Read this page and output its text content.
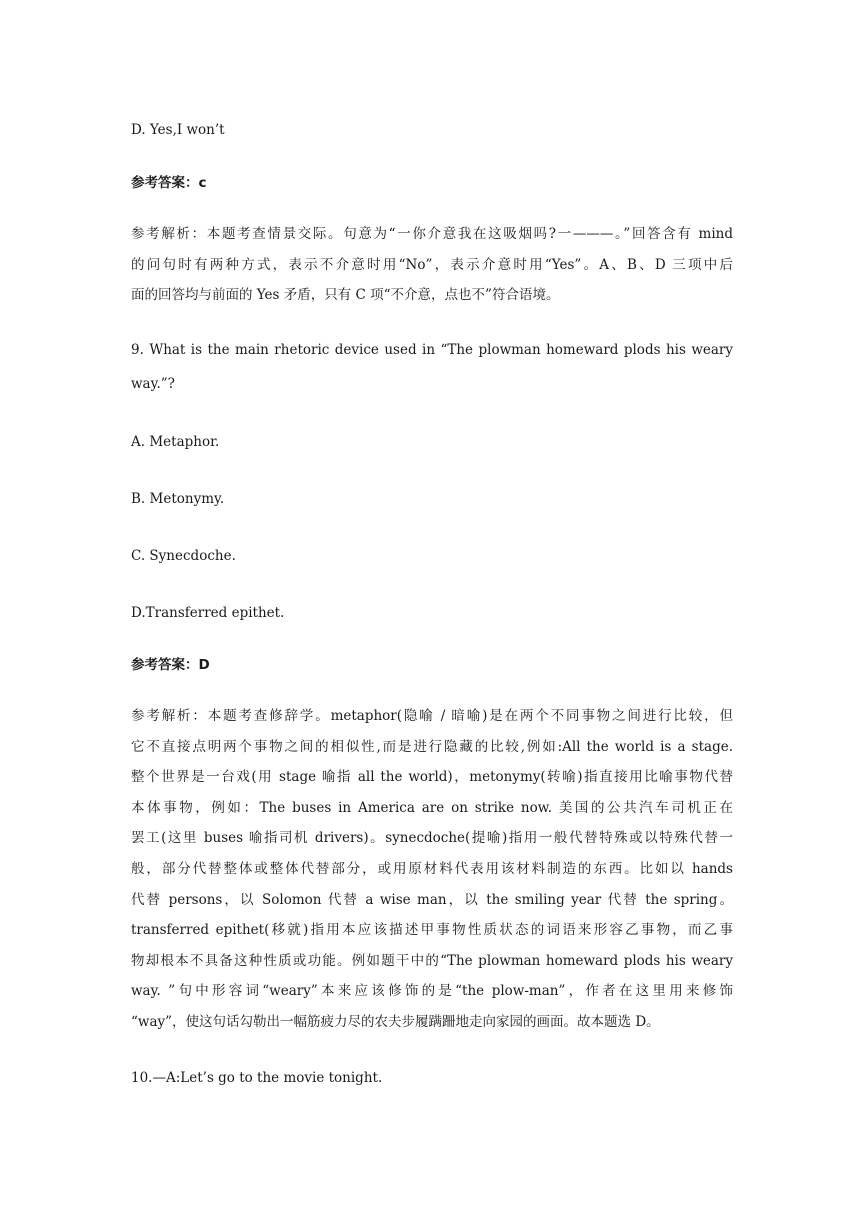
D. Yes,I won’t
参考答案：c
参考解析：本题考查情景交际。句意为“一你介意我在这吸烟吗?一———。”回答含有 mind
的问句时有两种方式，表示不介意时用“No”，表示介意时用“Yes”。A、B、D 三项中后
面的回答均与前面的 Yes 矛盾，只有 C 项“不介意，点也不”符合语境。
9. What is the main rhetoric device used in “The plowman homeward plods his weary
way.”?
A. Metaphor.
B. Metonymy.
C. Synecdoche.
D.Transferred epithet.
参考答案：D
参考解析：本题考查修辞学。metaphor(隐喻 / 暗喻)是在两个不同事物之间进行比较，但
它不直接点明两个事物之间的相似性,而是进行隐藏的比较,例如:All the world is a stage.
整个世界是一台戏(用 stage 喻指 all the world)，metonymy(转喻)指直接用比喻事物代替
本体事物，例如：The buses in America are on strike now. 美国的公共汽车司机正在
罢工(这里 buses 喻指司机 drivers)。synecdoche(提喻)指用一般代替特殊或以特殊代替一
般，部分代替整体或整体代替部分，或用原材料代表用该材料制造的东西。比如以 hands
代替 persons，以 Solomon 代替 a wise man，以 the smiling year 代替 the spring。
transferred epithet(移就)指用本应该描述甲事物性质状态的词语来形容乙事物，而乙事
物却根本不具备这种性质或功能。例如题干中的“The plowman homeward plods his weary
way. ”句中形容词“weary”本来应该修饰的是“the plow-man”，作者在这里用来修饰
“way”，使这句话勾勒出一幅筋疲力尽的农夫步履蹒跚地走向家园的画面。故本题选 D。
10.—A:Let’s go to the movie tonight.
